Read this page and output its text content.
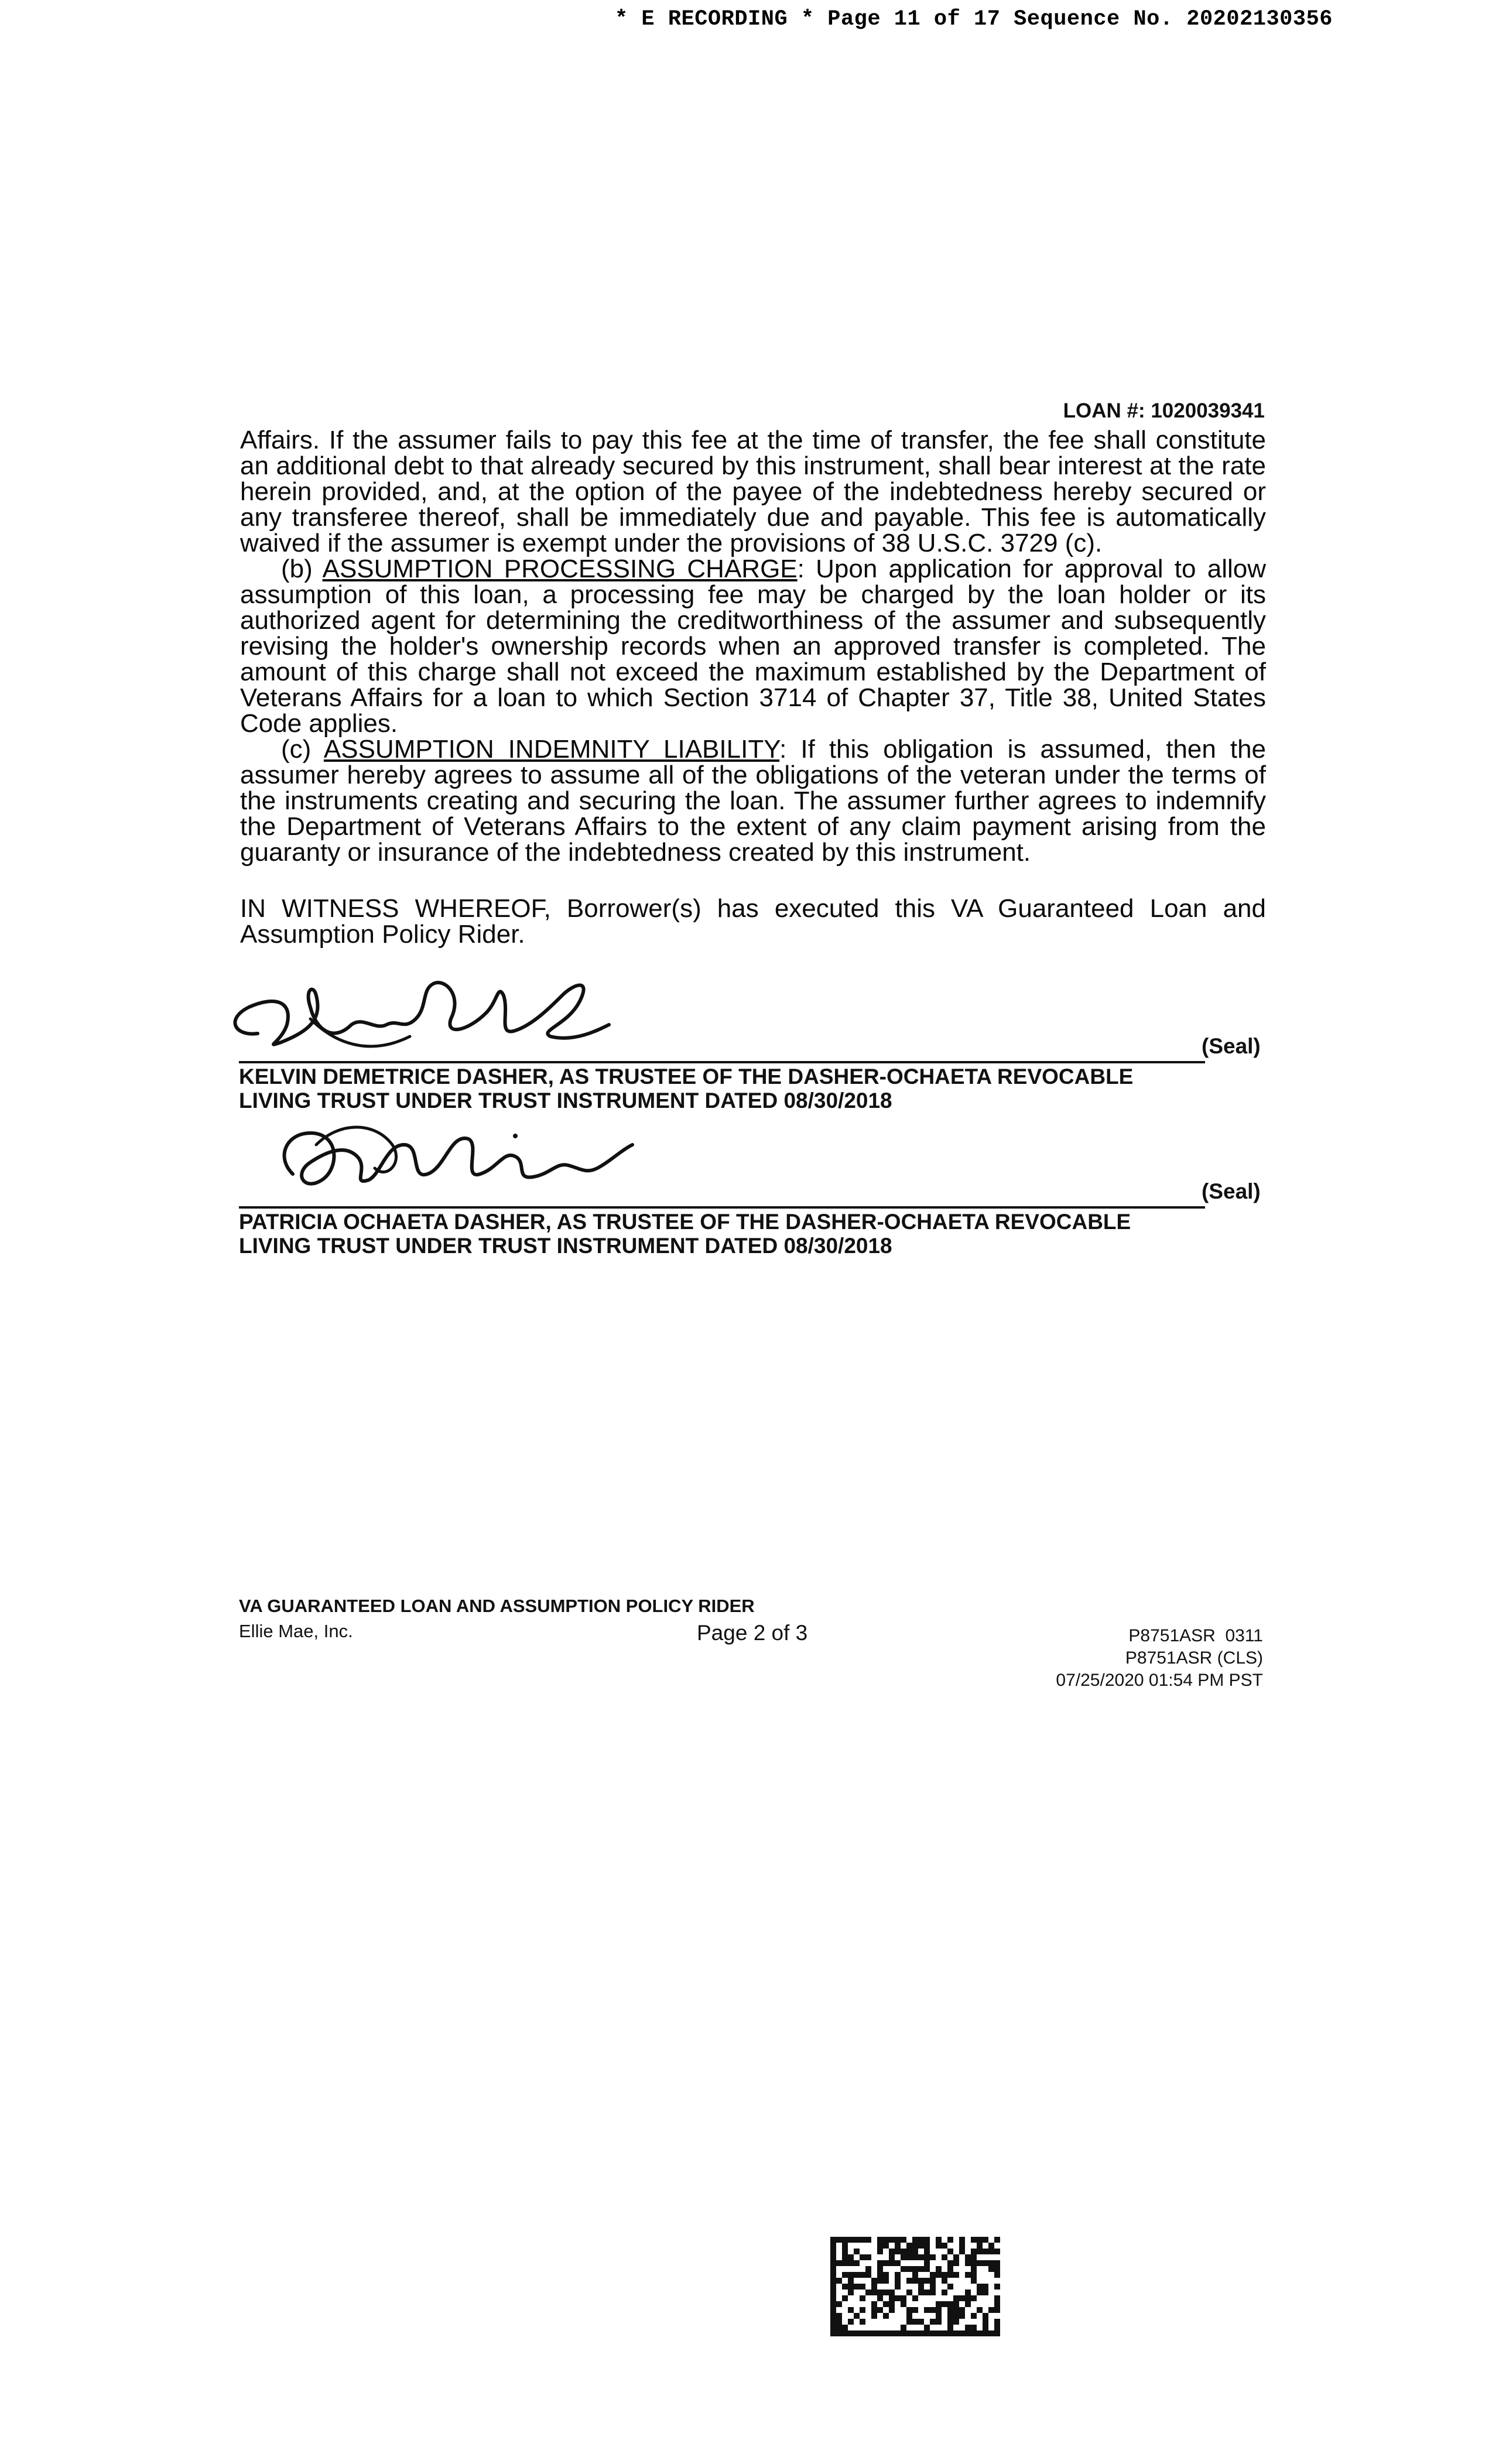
* E RECORDING * Page 11 of 17 Sequence No. 20202130356
LOAN #: 1020039341

Affairs. If the assumer fails to pay this fee at the time of transfer, the fee shall constitute an additional debt to that already secured by this instrument, shall bear interest at the rate herein provided, and, at the option of the payee of the indebtedness hereby secured or any transferee thereof, shall be immediately due and payable. This fee is automatically waived if the assumer is exempt under the provisions of 38 U.S.C. 3729 (c).

(b) ASSUMPTION PROCESSING CHARGE: Upon application for approval to allow assumption of this loan, a processing fee may be charged by the loan holder or its authorized agent for determining the creditworthiness of the assumer and subsequently revising the holder's ownership records when an approved transfer is completed. The amount of this charge shall not exceed the maximum established by the Department of Veterans Affairs for a loan to which Section 3714 of Chapter 37, Title 38, United States Code applies.

(c) ASSUMPTION INDEMNITY LIABILITY: If this obligation is assumed, then the assumer hereby agrees to assume all of the obligations of the veteran under the terms of the instruments creating and securing the loan. The assumer further agrees to indemnify the Department of Veterans Affairs to the extent of any claim payment arising from the guaranty or insurance of the indebtedness created by this instrument.

IN WITNESS WHEREOF, Borrower(s) has executed this VA Guaranteed Loan and Assumption Policy Rider.

(Seal)
KELVIN DEMETRICE DASHER, AS TRUSTEE OF THE DASHER-OCHAETA REVOCABLE
LIVING TRUST UNDER TRUST INSTRUMENT DATED 08/30/2018
(Seal)
PATRICIA OCHAETA DASHER, AS TRUSTEE OF THE DASHER-OCHAETA REVOCABLE
LIVING TRUST UNDER TRUST INSTRUMENT DATED 08/30/2018
VA GUARANTEED LOAN AND ASSUMPTION POLICY RIDER
Ellie Mae, Inc.	Page 2 of 3	P8751ASR  0311
P8751ASR (CLS)
07/25/2020 01:54 PM PST
